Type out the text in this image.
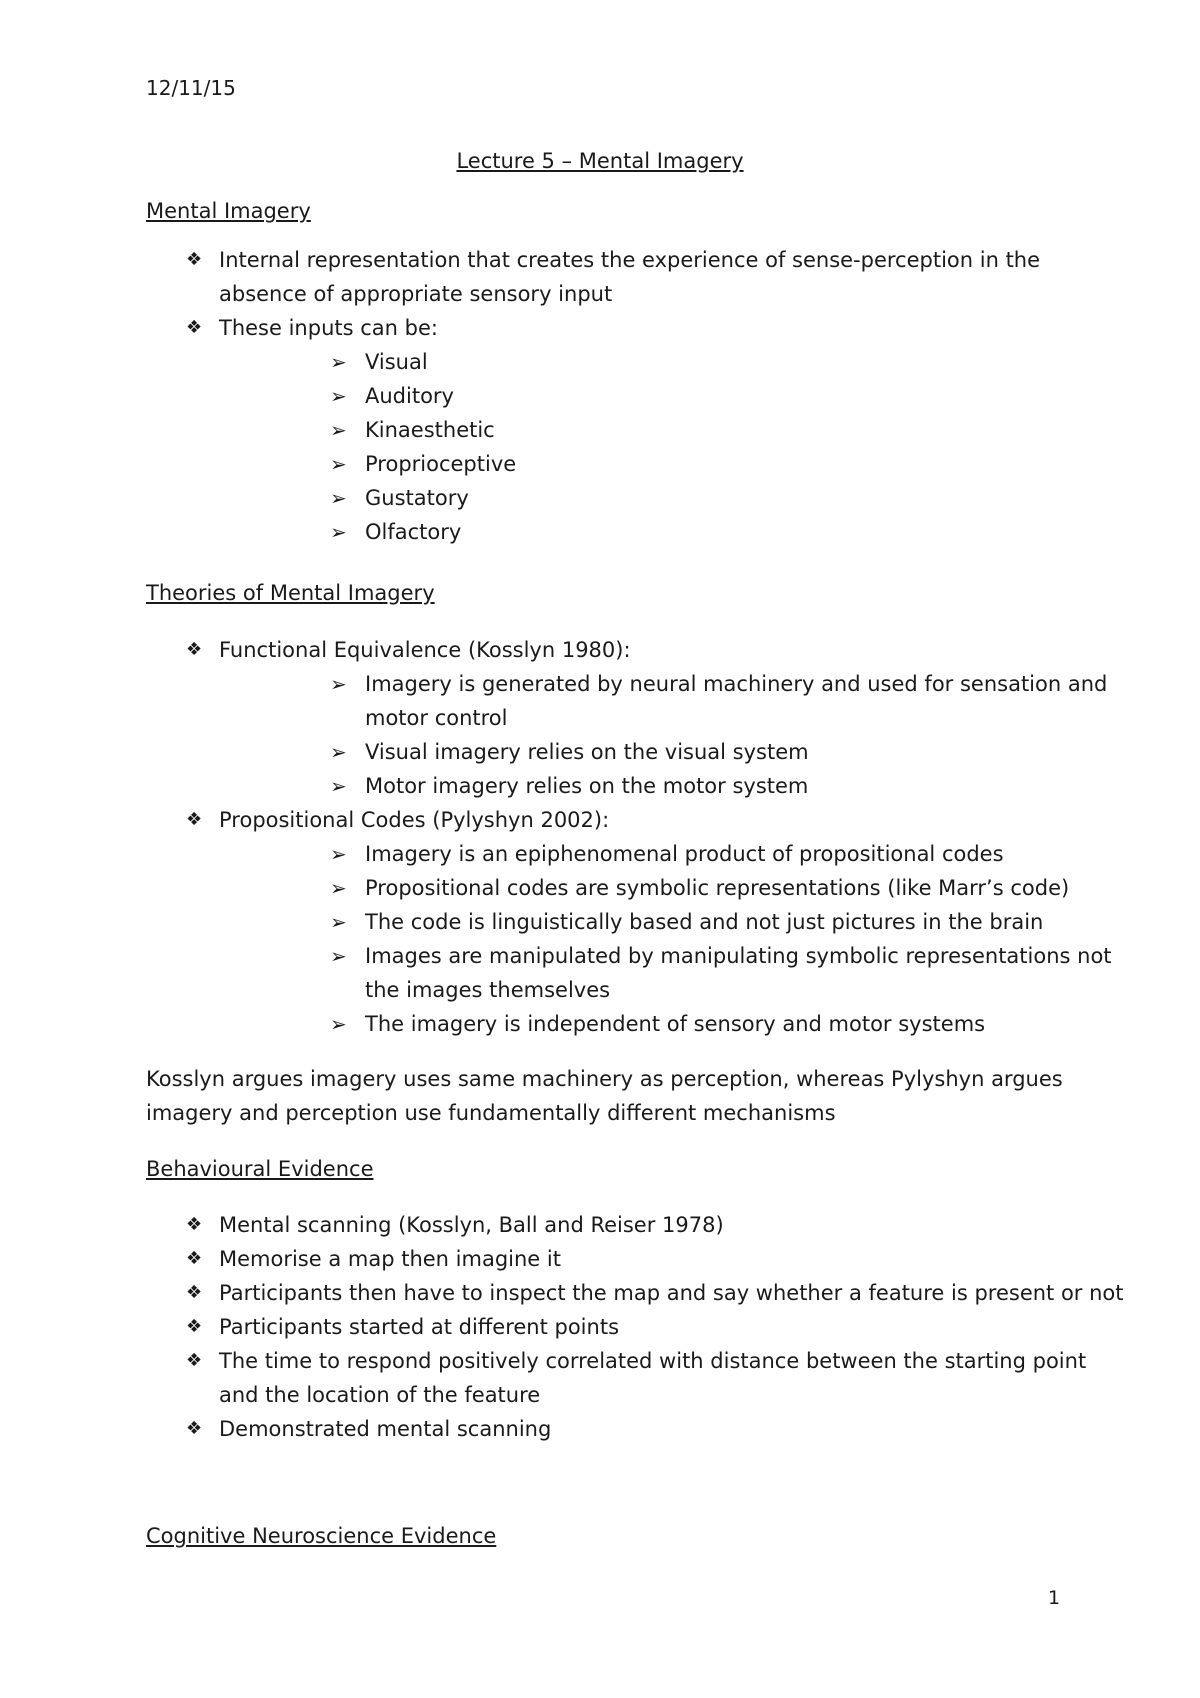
12/11/15
Lecture 5 – Mental Imagery
Mental Imagery
❖ Internal representation that creates the experience of sense-perception in the
absence of appropriate sensory input
❖ These inputs can be:
➢ Visual
➢ Auditory
➢ Kinaesthetic
➢ Proprioceptive
➢ Gustatory
➢ Olfactory
Theories of Mental Imagery
❖ Functional Equivalence (Kosslyn 1980):
➢ Imagery is generated by neural machinery and used for sensation and
motor control
➢ Visual imagery relies on the visual system
➢ Motor imagery relies on the motor system
❖ Propositional Codes (Pylyshyn 2002):
➢ Imagery is an epiphenomenal product of propositional codes
➢ Propositional codes are symbolic representations (like Marr’s code)
➢ The code is linguistically based and not just pictures in the brain
➢ Images are manipulated by manipulating symbolic representations not
the images themselves
➢ The imagery is independent of sensory and motor systems
Kosslyn argues imagery uses same machinery as perception, whereas Pylyshyn argues
imagery and perception use fundamentally different mechanisms
Behavioural Evidence
❖ Mental scanning (Kosslyn, Ball and Reiser 1978)
❖ Memorise a map then imagine it
❖ Participants then have to inspect the map and say whether a feature is present or not
❖ Participants started at different points
❖ The time to respond positively correlated with distance between the starting point
and the location of the feature
❖ Demonstrated mental scanning
Cognitive Neuroscience Evidence
1
